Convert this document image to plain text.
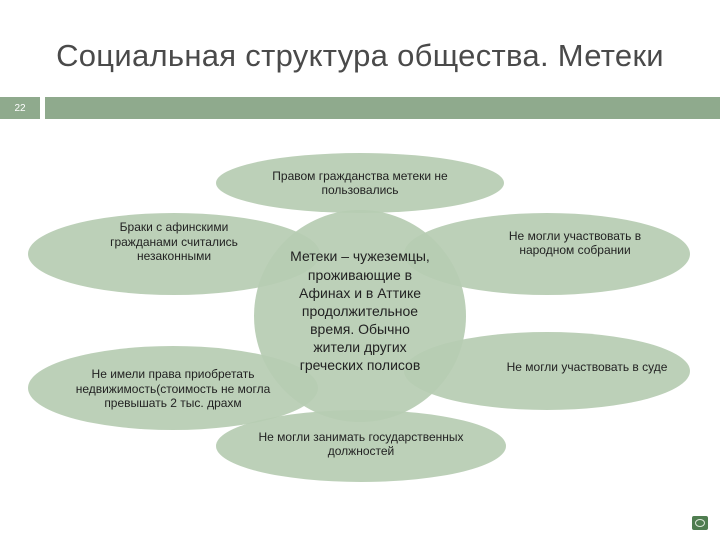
Социальная структура общества. Метеки
22
Правом гражданства метеки не пользовались
Браки с афинскими гражданами считались незаконными
Не могли участвовать в народном собрании
Не имели права приобретать недвижимость(стоимость не могла превышать 2 тыс. драхм
Не могли участвовать в суде
Не могли занимать государственных должностей
Метеки – чужеземцы, проживающие в Афинах и в Аттике продолжительное время. Обычно жители других греческих полисов
